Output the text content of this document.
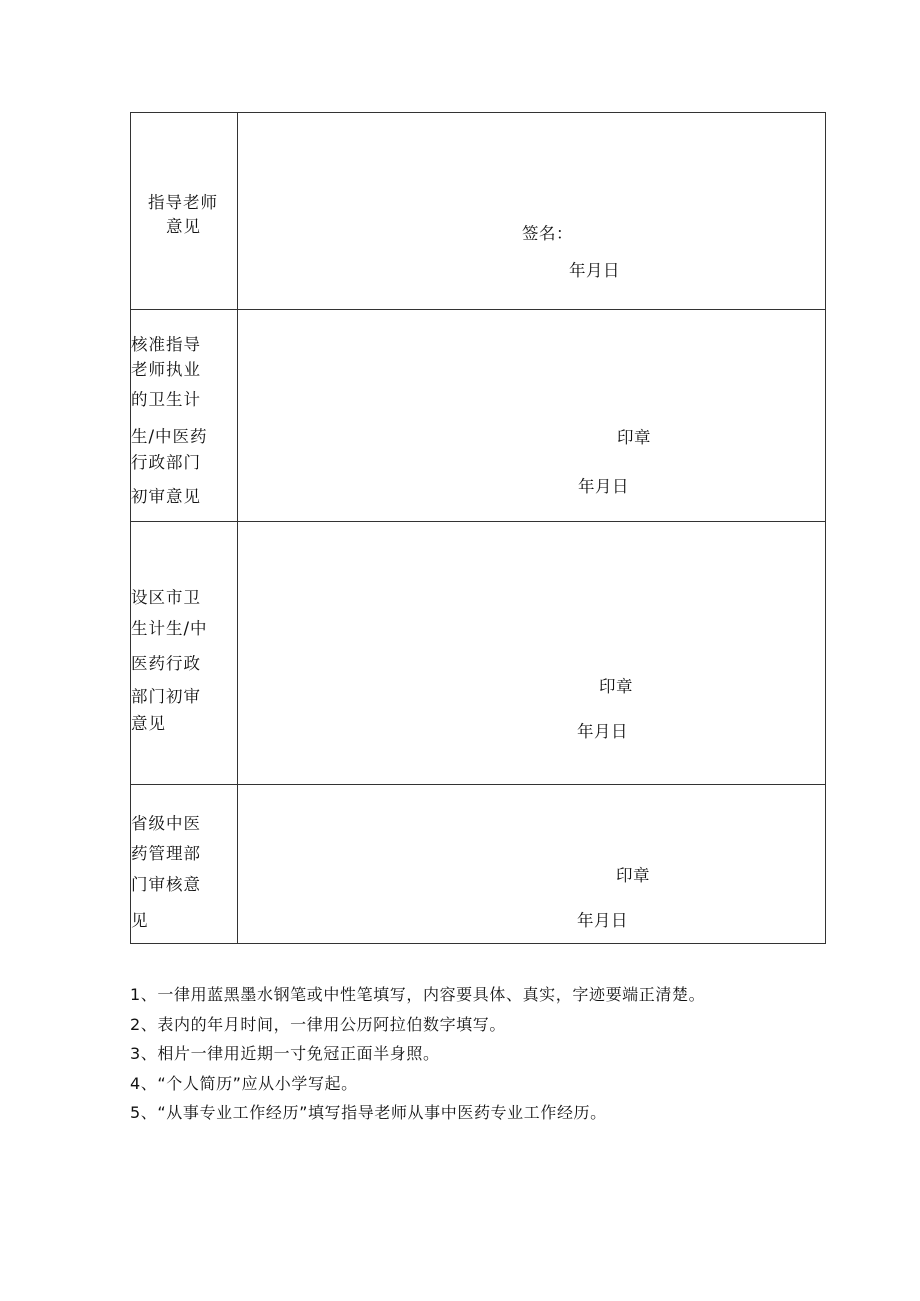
指导老师
意见	签名：
年月日
核准指导
老师执业
的卫生计
生/中医药
行政部门
初审意见
印章
年月日
设区市卫
生计生/中
医药行政
部门初审
意见
印章
年月日
省级中医
药管理部
门审核意
见
印章
年月日
1、一律用蓝黑墨水钢笔或中性笔填写，内容要具体、真实，字迹要端正清楚。
2、表内的年月时间，一律用公历阿拉伯数字填写。
3、相片一律用近期一寸免冠正面半身照。
4、“个人简历”应从小学写起。
5、“从事专业工作经历”填写指导老师从事中医药专业工作经历。
